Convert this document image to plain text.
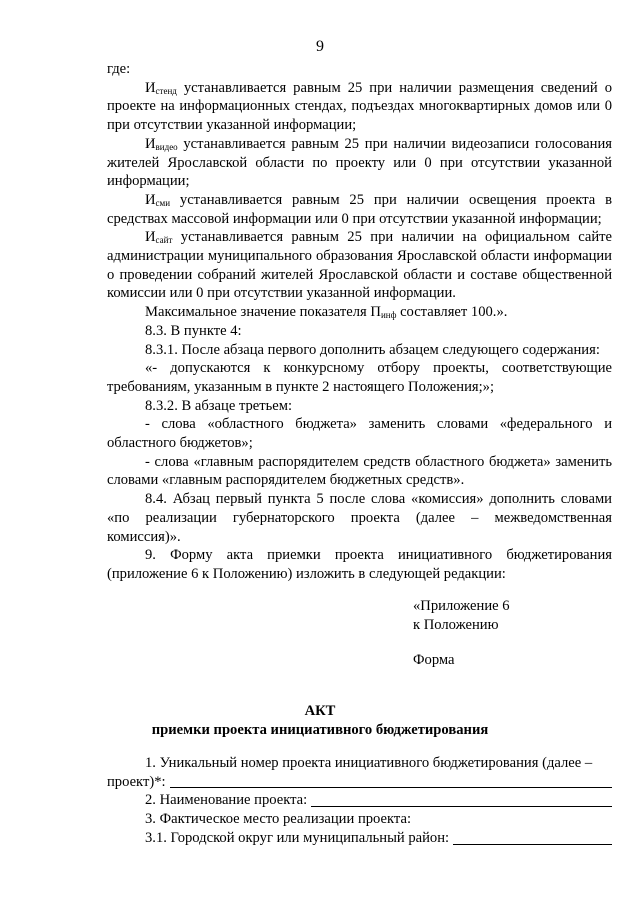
9

где:

$И_{стенд}$ устанавливается равным 25 при наличии размещения сведений о проекте на информационных стендах, подъездах многоквартирных домов или 0 при отсутствии указанной информации;

$И_{видео}$ устанавливается равным 25 при наличии видеозаписи голосования жителей Ярославской области по проекту или 0 при отсутствии указанной информации;

$И_{сми}$ устанавливается равным 25 при наличии освещения проекта в средствах массовой информации или 0 при отсутствии указанной информации;

$И_{сайт}$ устанавливается равным 25 при наличии на официальном сайте администрации муниципального образования Ярославской области информации о проведении собраний жителей Ярославской области и составе общественной комиссии или 0 при отсутствии указанной информации.

Максимальное значение показателя $П_{инф}$ составляет 100.».

8.3. В пункте 4:

8.3.1. После абзаца первого дополнить абзацем следующего содержания:

«- допускаются к конкурсному отбору проекты, соответствующие требованиям, указанным в пункте 2 настоящего Положения;»;

8.3.2. В абзаце третьем:

- слова «областного бюджета» заменить словами «федерального и областного бюджетов»;

- слова «главным распорядителем средств областного бюджета» заменить словами «главным распорядителем бюджетных средств».

8.4. Абзац первый пункта 5 после слова «комиссия» дополнить словами «по реализации губернаторского проекта (далее – межведомственная комиссия)».

9. Форму акта приемки проекта инициативного бюджетирования (приложение 6 к Положению) изложить в следующей редакции:

«Приложение 6
к Положению
Форма
АКТ
приемки проекта инициативного бюджетирования

1. Уникальный номер проекта инициативного бюджетирования (далее –

проект)*:
2. Наименование проекта:

3. Фактическое место реализации проекта:

3.1. Городской округ или муниципальный район:
